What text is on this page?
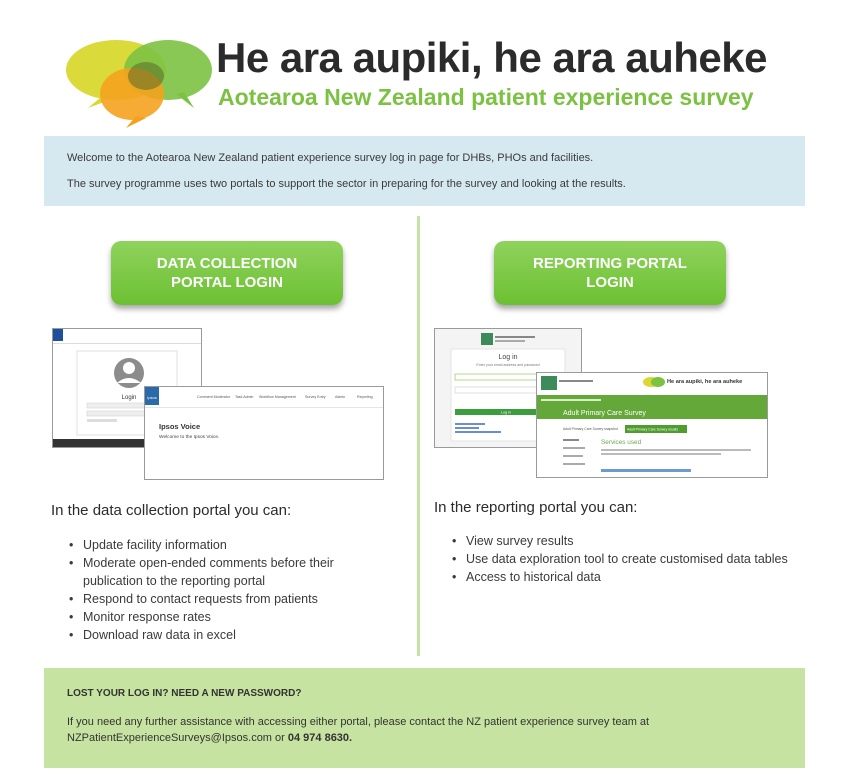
He ara aupiki, he ara auheke
Aotearoa New Zealand patient experience survey

Welcome to the Aotearoa New Zealand patient experience survey log in page for DHBs, PHOs and facilities.

The survey programme uses two portals to support the sector in preparing for the survey and looking at the results.

DATA COLLECTION
PORTAL LOGIN
Login	Ipsos	Comment Moderator Task Admin Workflow Management	Survey Entry	Admin	Reporting
Ipsos Voice
Welcome to the Ipsos Voice.
In the data collection portal you can:
• Update facility information
• Moderate open-ended comments before their publication to the reporting portal
• Respond to contact requests from patients
• Monitor response rates
• Download raw data in excel
REPORTING PORTAL
LOGIN
Log in
Enter your email address and password
Log in
He ara aupiki, he ara auheke
Adult Primary Care Survey
Adult Primary Care Survey snapshot	Adult Primary Care Survey results
Services used
In the reporting portal you can:
• View survey results
• Use data exploration tool to create customised data tables
• Access to historical data
LOST YOUR LOG IN? NEED A NEW PASSWORD?
If you need any further assistance with accessing either portal, please contact the NZ patient experience survey team at NZPatientExperienceSurveys@Ipsos.com or 04 974 8630.
